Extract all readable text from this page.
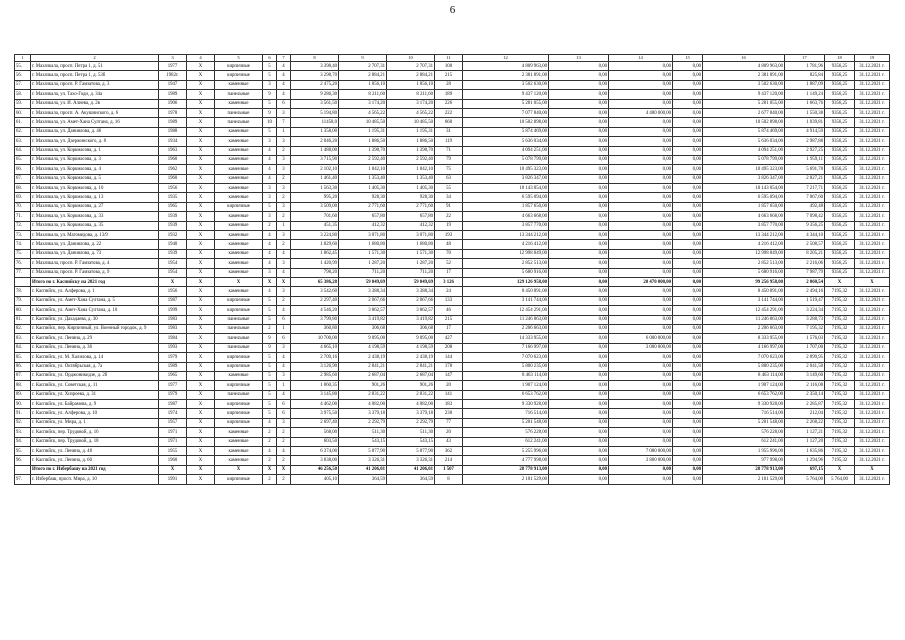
6
1	2	3	4	5	6	7	8	9	10	11	12	13	14	15	16	17	18	19
55.	г. Махачкала, просп. Петра 1, д. 51	1977	Х	кирпичные	5	4	3 398,40	2 707,31	2 707,31	100	4 809 963,00	0,00	0,00	0,00	4 809 963,00	1 781,96	9356,25	31.12.2021 г.
56.	г. Махачкала, просп. Петра 1, д. 53б	1982г.	Х	кирпичные	5	4	3 298,70	2 884,21	2 884,21	215	2 381 891,00	0,00	0,00	0,00	2 381 891,00	825,84	9356,25	31.12.2021 г.
57.	г. Махачкала, просп. Р. Гамзатова, д. 3	1947	Х	каменные	3	4	2 475,20	1 856,10	1 856,10	28	3 502 630,00	0,00	0,00	0,00	3 502 630,00	1 887,09	9356,25	31.12.2021 г.
58.	г. Махачкала, ул. Тахо-Годи, д. 34а	1989	Х	панельные	9	4	9 286,30	8 211,60	8 211,60	189	9 437 120,00	0,00	0,00	0,00	9 437 120,00	1 149,24	9356,25	31.12.2021 г.
59.	г. Махачкала, ул. И. Алиева, д. 2в	1906	Х	каменные	5	6	3 561,50	3 174,20	3 174,20	226	5 281 055,00	0,00	0,00	0,00	5 281 055,00	1 663,76	9356,25	31.12.2021 г.
60.	г. Махачкала, просп. А. Акушинского, д. 6	1978	Х	панельные	9	3	5 194,80	4 565,22	4 565,22	222	7 077 840,00	0,00	4 400 000,00	0,00	2 677 840,00	1 550,38	9356,25	31.12.2021 г.
61.	г. Махачкала, ул. Амет-Хана Султана, д. 16	1989	Х	панельные	10	7	11458,0	10 485,50	10 485,50	660	10 502 898,00	0,00	0,00	0,00	10 502 898,00	1 039,81	9356,25	31.12.2021 г.
62.	г. Махачкала, ул. Даниялова, д. 46	1988	Х	каменные	5	1	1 358,00	1 195,31	1 195,31	31	5 874 469,00	0,00	0,00	0,00	5 874 469,00	4 914,59	9356,25	31.12.2021 г.
63.	г. Махачкала, ул. Дзержинского, д. 8	1934	Х	каменные	3	3	2 046,20	1 886,50	1 886,50	119	5 636 034,00	0,00	0,00	0,00	5 636 034,00	2 987,88	9356,25	31.12.2021 г.
64.	г. Махачкала, ул. Коркмасова, д. 1	1963	Х	каменные	4	2	1 488,00	1 398,70	1 398,70	71	4 094 251,00	0,00	0,00	0,00	4 094 251,00	2 927,25	9356,25	31.12.2021 г.
65.	г. Махачкала, ул. Коркмасова, д. 3	1960	Х	каменные	4	3	3 715,90	2 592,40	2 592,40	79	5 078 799,00	0,00	0,00	0,00	5 078 799,00	1 959,11	9356,25	31.12.2021 г.
66.	г. Махачкала, ул. Коркмасова, д. 4	1962	Х	каменные	4	3	2 102,10	1 842,10	1 842,10	75	10 495 323,00	0,00	0,00	0,00	10 495 323,00	5 691,78	9356,25	31.12.2021 г.
67.	г. Махачкала, ул. Коркмасова, д. 5	1960	Х	каменные	4	2	1 461,40	1 353,40	1 353,40	63	3 826 347,00	0,00	0,00	0,00	3 826 347,00	2 827,21	9356,25	31.12.2021 г.
68.	г. Махачкала, ул. Коркмасова, д. 10	1956	Х	каменные	3	3	1 563,30	1 405,30	1 405,30	55	10 143 054,00	0,00	0,00	0,00	10 143 054,00	7 217,71	9356,25	31.12.2021 г.
69.	г. Махачкала, ул. Коркмасова, д. 13	1935	Х	каменные	3	2	995,20	928,30	928,30	34	6 595 094,00	0,00	0,00	0,00	6 595 094,00	7 067,60	9356,25	31.12.2021 г.
70.	г. Махачкала, ул. Коркмасова, д. 27	1965	Х	кирпичные	5	3	3 509,00	2 771,60	2 771,60	91	1 857 650,00	0,00	0,00	0,00	1 857 650,00	492,48	9356,25	31.12.2021 г.
71.	г. Махачкала, ул. Коркмасова, д. 33	1939	Х	каменные	3	2	701,60	657,80	657,80	22	4 663 668,00	0,00	0,00	0,00	4 663 668,00	7 098,42	9356,25	31.12.2021 г.
72.	г. Махачкала, ул. Коркмасова, д. 35	1939	Х	каменные	2	1	451,35	412,32	412,32	19	3 857 770,00	0,00	0,00	0,00	3 857 770,00	9 356,25	9356,25	31.12.2021 г.
73.	г. Махачкала, ул. Магомедова, д. 13/9	1932	Х	каменные	4	3	3 224,80	3 071,80	3 071,80	193	13 344 212,00	0,00	0,00	0,00	13 344 212,00	4 344,10	9356,25	31.12.2021 г.
74.	г. Махачкала, ул. Даниялова, д. 22	1940	Х	каменные	4	2	1 829,60	1 680,80	1 680,80	48	4 216 412,00	0,00	0,00	0,00	4 216 412,00	2 508,57	9356,25	31.12.2021 г.
75.	г. Махачкала, ул. Даниялова, д. 73	1939	Х	каменные	4	4	1 862,45	1 571,30	1 571,30	70	12 998 849,00	0,00	0,00	0,00	12 998 849,00	8 205,21	9356,25	31.12.2021 г.
76.	г. Махачкала, просп. Р. Гамзатова, д. 4	1954	Х	каменные	4	3	1 420,99	1 287,20	1 287,20	52	2 852 513,00	0,00	0,00	0,00	2 852 513,00	2 216,06	9356,25	31.12.2021 г.
77.	г. Махачкала, просп. Р. Гамзатова, д. 9	1954	Х	каменные	3	4	798,20	711,20	711,20	17	5 680 916,00	0,00	0,00	0,00	5 680 916,00	7 987,79	9356,25	31.12.2021 г.
	Итого по г. Каспийску на 2021 год	Х	Х	Х	Х	Х	65 386,28	59 049,69	59 049,69	3 126	129 126 958,00	0,00	20 470 000,00	0,00	99 256 958,00	2 060,54	Х	Х
78.	г. Каспийск, ул. Алферова, д. 1	1956	Х	каменные	4	3	3 542,60	3 388,34	3 388,34	24	8 450 891,00	0,00	0,00	0,00	8 450 891,00	2 494,16	7195,32	31.12.2021 г.
79.	г. Каспийск, ул. Амет-Хана Султана, д. 5	1987	Х	кирпичные	5	2	2 297,40	2 067,66	2 067,66	133	3 141 744,00	0,00	0,00	0,00	3 141 744,00	1 519,47	7195,32	31.12.2021 г.
80.	г. Каспийск, ул. Амет-Хана Султана, д. 10	1999	Х	кирпичные	5	4	4 546,20	3 862,57	3 862,57	46	12 454 291,00	0,00	0,00	0,00	12 454 291,00	3 224,34	7195,32	31.12.2021 г.
81.	г. Каспийск, ул. Дахадаева, д. 30	1983	Х	панельные	5	6	3 799,80	3 419,82	3 419,82	215	11 246 863,00	0,00	0,00	0,00	11 246 863,00	3 288,73	7195,32	31.12.2021 г.
82.	г. Каспийск, пер. Кирпичный, ул. Военный городок, д. 9	1983	Х	панельные	2	1	360,80	306,68	306,68	17	2 206 663,00	0,00	0,00	0,00	2 206 663,00	7 195,32	7195,32	31.12.2021 г.
83.	г. Каспийск, ул. Ленина, д. 29	1984	Х	панельные	9	6	10 700,00	9 095,00	9 095,00	427	14 333 955,00	0,00	6 000 000,00	0,00	8 333 955,00	1 576,03	7195,32	31.12.2021 г.
84.	г. Каспийск, ул. Ленина, д. 36	1993	Х	панельные	9	3	4 665,10	4 198,59	4 198,59	208	7 166 997,00	0,00	3 000 000,00	0,00	4 166 997,00	1 707,00	7195,32	31.12.2021 г.
85.	г. Каспийск, ул. М. Халилова, д. 14	1979	Х	кирпичные	5	4	2 709,16	2 438,19	2 438,19	144	7 070 623,00	0,00	0,00	0,00	7 070 623,00	2 899,95	7195,32	31.12.2021 г.
86.	г. Каспийск, ул. Октябрьская, д. 7а	1989	Х	кирпичные	5	4	3 126,90	2 841,21	2 841,21	178	5 800 235,00	0,00	0,00	0,00	5 800 235,00	2 041,50	7195,32	31.12.2021 г.
87.	г. Каспийск, ул. Орджоникидзе, д. 2б	1965	Х	каменные	5	3	2 985,60	2 687,04	2 687,04	147	8 463 114,00	0,00	0,00	0,00	8 463 114,00	3 149,60	7195,32	31.12.2021 г.
88.	г. Каспийск, ул. Советская, д. 11	1977	Х	кирпичные	5	1	1 060,35	901,26	901,26	20	1 907 124,00	0,00	0,00	0,00	1 907 124,00	2 116,08	7195,32	31.12.2021 г.
89.	г. Каспийск, ул. Хизроева, д. 31	1979	Х	панельные	5	4	3 145,80	2 831,22	2 831,22	141	6 653 762,00	0,00	0,00	0,00	6 653 762,00	2 350,14	7195,32	31.12.2021 г.
90.	г. Каспийск, ул. Байрамова, д. 9	1987	Х	кирпичные	5	6	4 462,00	4 082,00	4 082,00	183	9 330 928,00	0,00	0,00	0,00	9 330 928,00	2 285,87	7195,32	31.12.2021 г.
91.	г. Каспийск, ул. Алферова, д. 10	1974	Х	кирпичные	5	6	3 975,50	3 379,18	3 379,18	230	716 514,00	0,00	0,00	0,00	716 514,00	212,04	7195,32	31.12.2021 г.
92.	г. Каспийск, ул. Мира, д. 1	1957	Х	кирпичные	4	3	2 697,40	2 292,79	2 292,79	77	5 201 548,00	0,00	0,00	0,00	5 201 548,00	2 268,22	7195,32	31.12.2021 г.
93.	г. Каспийск, пер. Трудовой, д. 16	1971	Х	каменные	2	2	568,00	511,30	511,30	20	576 228,00	0,00	0,00	0,00	576 228,00	1 127,21	7195,32	31.12.2021 г.
94.	г. Каспийск, пер. Трудовой, д. 18	1971	Х	каменные	2	2	603,50	543,15	543,15	43	612 241,00	0,00	0,00	0,00	612 241,00	1 127,20	7195,32	31.12.2021 г.
95.	г. Каспийск, ул. Ленина, д. 48	1955	Х	каменные	4	4	6 374,00	5 877,90	5 877,90	362	5 255 996,00	0,00	7 080 000,00	0,00	1 955 996,00	1 635,86	7195,32	31.12.2021 г.
96.	г. Каспийск, ул. Ленина, д. 60	1960	Х	каменные	2	2	3 838,00	3 326,31	3 326,31	214	4 777 998,00	0,00	3 800 000,00	0,00	977 998,00	1 294,96	7195,32	31.12.2021 г.
	Итого по г. Избербашу на 2021 год	Х	Х	Х	Х	Х	46 256,50	41 206,01	41 206,01	1 507	28 778 913,00	0,00	0,00	0,00	28 778 913,00	697,15	Х	Х
97.	г. Избербаш, просп. Мира, д. 10	1991	Х	кирпичные	2	2	405,10	364,59	364,59	8	2 101 529,00	0,00	0,00	0,00	2 101 529,00	5 764,00	5 764,00	31.12.2021 г.
